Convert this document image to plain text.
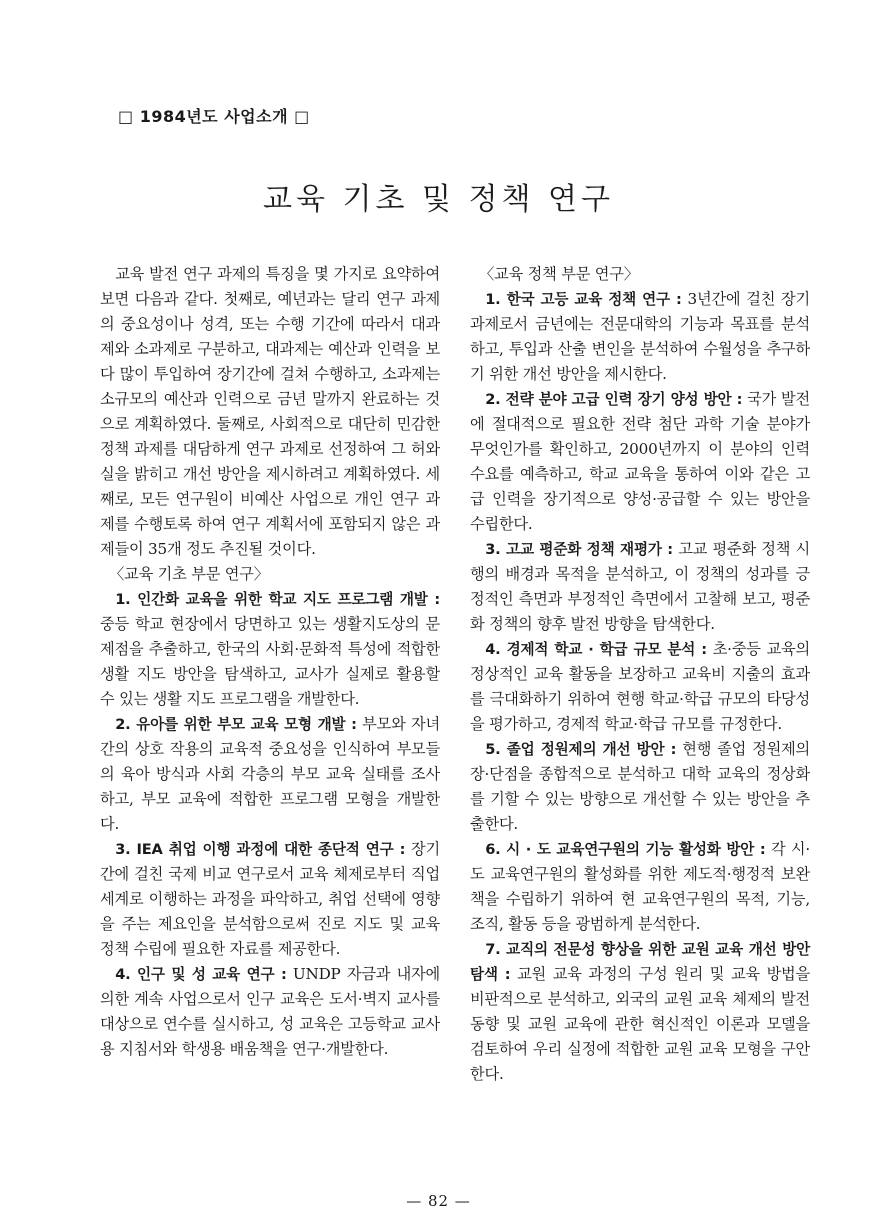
□ 1984년도 사업소개 □
교육 기초 및 정책 연구

교육 발전 연구 과제의 특징을 몇 가지로 요약하여 보면 다음과 같다. 첫째로, 예년과는 달리 연구 과제의 중요성이나 성격, 또는 수행 기간에 따라서 대과제와 소과제로 구분하고, 대과제는 예산과 인력을 보다 많이 투입하여 장기간에 걸쳐 수행하고, 소과제는 소규모의 예산과 인력으로 금년 말까지 완료하는 것으로 계획하였다. 둘째로, 사회적으로 대단히 민감한 정책 과제를 대담하게 연구 과제로 선정하여 그 허와 실을 밝히고 개선 방안을 제시하려고 계획하였다. 세째로, 모든 연구원이 비예산 사업으로 개인 연구 과제를 수행토록 하여 연구 계획서에 포함되지 않은 과제들이 35개 정도 추진될 것이다.

〈교육 기초 부문 연구〉

1. 인간화 교육을 위한 학교 지도 프로그램 개발 : 중등 학교 현장에서 당면하고 있는 생활지도상의 문제점을 추출하고, 한국의 사회·문화적 특성에 적합한 생활 지도 방안을 탐색하고, 교사가 실제로 활용할 수 있는 생활 지도 프로그램을 개발한다.

2. 유아를 위한 부모 교육 모형 개발 : 부모와 자녀 간의 상호 작용의 교육적 중요성을 인식하여 부모들의 육아 방식과 사회 각층의 부모 교육 실태를 조사하고, 부모 교육에 적합한 프로그램 모형을 개발한다.

3. IEA 취업 이행 과정에 대한 종단적 연구 : 장기간에 걸친 국제 비교 연구로서 교육 체제로부터 직업 세계로 이행하는 과정을 파악하고, 취업 선택에 영향을 주는 제요인을 분석함으로써 진로 지도 및 교육 정책 수립에 필요한 자료를 제공한다.

4. 인구 및 성 교육 연구 : UNDP 자금과 내자에 의한 계속 사업으로서 인구 교육은 도서·벽지 교사를 대상으로 연수를 실시하고, 성 교육은 고등학교 교사용 지침서와 학생용 배움책을 연구·개발한다.

〈교육 정책 부문 연구〉

1. 한국 고등 교육 정책 연구 : 3년간에 걸친 장기 과제로서 금년에는 전문대학의 기능과 목표를 분석하고, 투입과 산출 변인을 분석하여 수월성을 추구하기 위한 개선 방안을 제시한다.

2. 전략 분야 고급 인력 장기 양성 방안 : 국가 발전에 절대적으로 필요한 전략 첨단 과학 기술 분야가 무엇인가를 확인하고, 2000년까지 이 분야의 인력 수요를 예측하고, 학교 교육을 통하여 이와 같은 고급 인력을 장기적으로 양성·공급할 수 있는 방안을 수립한다.

3. 고교 평준화 정책 재평가 : 고교 평준화 정책 시행의 배경과 목적을 분석하고, 이 정책의 성과를 긍정적인 측면과 부정적인 측면에서 고찰해 보고, 평준화 정책의 향후 발전 방향을 탐색한다.

4. 경제적 학교 · 학급 규모 분석 : 초·중등 교육의 정상적인 교육 활동을 보장하고 교육비 지출의 효과를 극대화하기 위하여 현행 학교·학급 규모의 타당성을 평가하고, 경제적 학교·학급 규모를 규정한다.

5. 졸업 정원제의 개선 방안 : 현행 졸업 정원제의 장·단점을 종합적으로 분석하고 대학 교육의 정상화를 기할 수 있는 방향으로 개선할 수 있는 방안을 추출한다.

6. 시 · 도 교육연구원의 기능 활성화 방안 : 각 시·도 교육연구원의 활성화를 위한 제도적·행정적 보완책을 수립하기 위하여 현 교육연구원의 목적, 기능, 조직, 활동 등을 광범하게 분석한다.

7. 교직의 전문성 향상을 위한 교원 교육 개선 방안 탐색 : 교원 교육 과정의 구성 원리 및 교육 방법을 비판적으로 분석하고, 외국의 교원 교육 체제의 발전 동향 및 교원 교육에 관한 혁신적인 이론과 모델을 검토하여 우리 실정에 적합한 교원 교육 모형을 구안한다.

— 82 —
